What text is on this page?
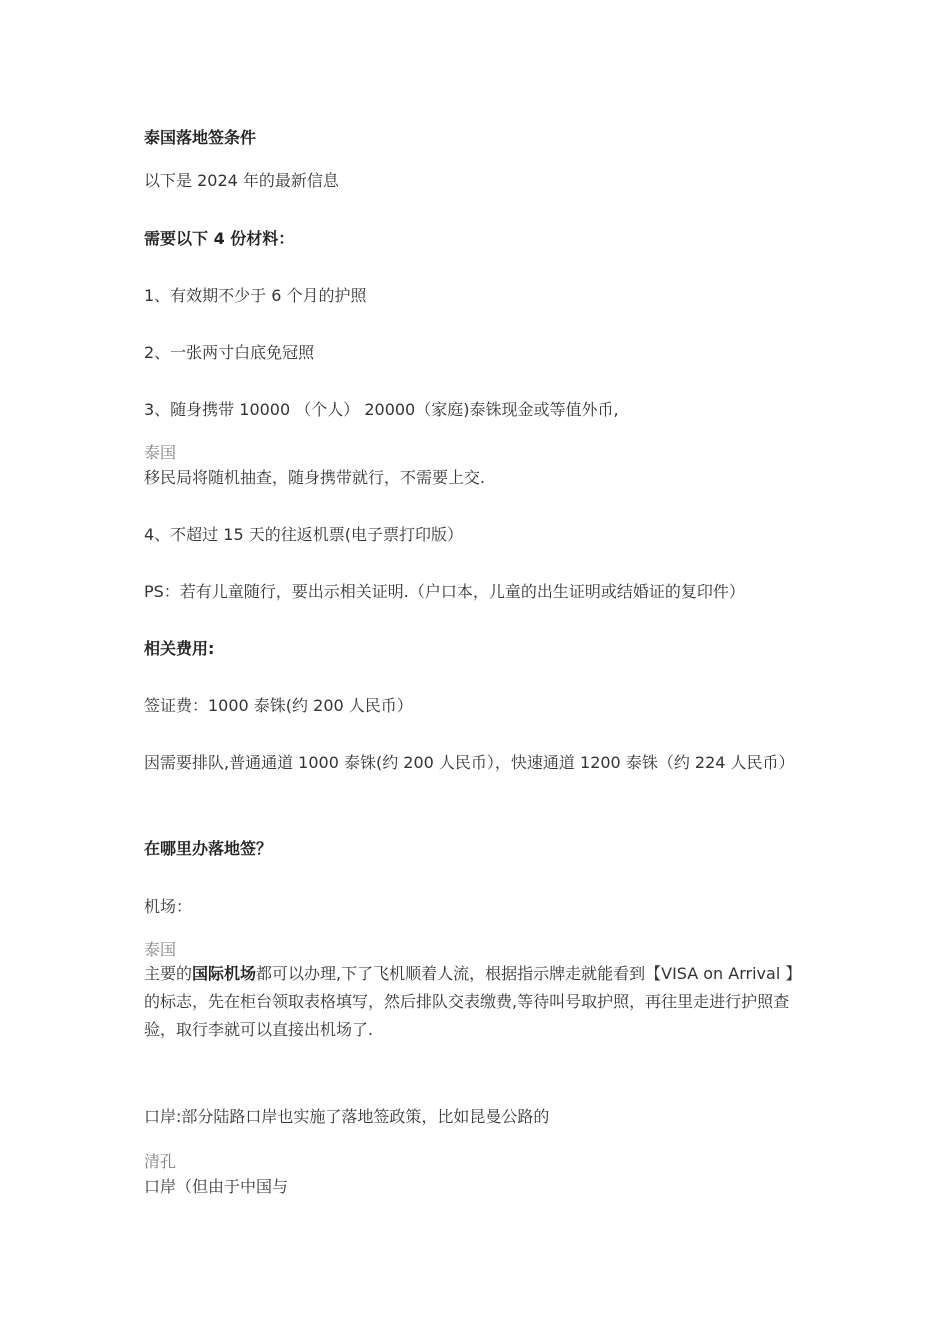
泰国落地签条件
以下是 2024 年的最新信息
需要以下 4 份材料：
1、有效期不少于 6 个月的护照
2、一张两寸白底免冠照
3、随身携带 10000 （个人） 20000（家庭)泰铢现金或等值外币,
泰国
移民局将随机抽查，随身携带就行，不需要上交.
4、不超过 15 天的往返机票(电子票打印版）
PS：若有儿童随行，要出示相关证明.（户口本，儿童的出生证明或结婚证的复印件）
相关费用:
签证费：1000 泰铢(约 200 人民币）
因需要排队,普通通道 1000 泰铢(约 200 人民币），快速通道 1200 泰铢（约 224 人民币）
在哪里办落地签？
机场：
泰国
主要的国际机场都可以办理,下了飞机顺着人流，根据指示牌走就能看到【VISA on Arrival 】的标志，先在柜台领取表格填写，然后排队交表缴费,等待叫号取护照，再往里走进行护照查验，取行李就可以直接出机场了.
口岸:部分陆路口岸也实施了落地签政策，比如昆曼公路的
清孔
口岸（但由于中国与
